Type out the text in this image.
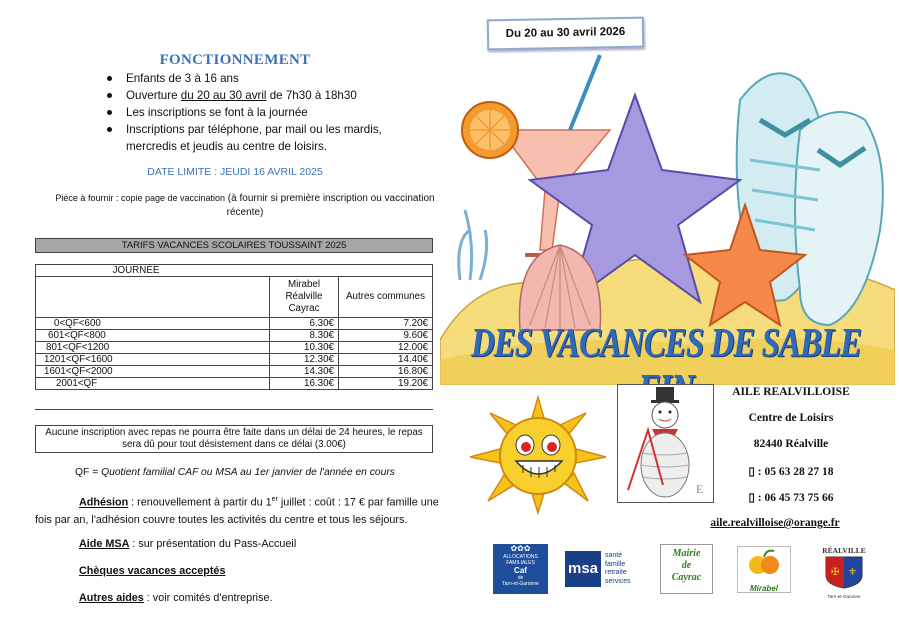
FONCTIONNEMENT
Enfants de 3 à 16 ans
Ouverture du 20 au 30 avril de 7h30 à 18h30
Les inscriptions se font à la journée
Inscriptions par téléphone, par mail ou les mardis, mercredis et jeudis au centre de loisirs.
DATE LIMITE : JEUDI 16 AVRIL 2025
Pièce à fournir : copie page de vaccination (à fournir si première inscription ou vaccination récente)
TARIFS VACANCES SCOLAIRES TOUSSAINT 2025
JOURNÉE		
	Mirabel Réalville Cayrac	Autres communes
0<QF<600	6.30€	7.20€
601<QF<800	8.30€	9.60€
801<QF<1200	10.30€	12.00€
1201<QF<1600	12.30€	14.40€
1601<QF<2000	14.30€	16.80€
2001<QF	16.30€	19.20€
Aucune inscription avec repas ne pourra être faite dans un délai de 24 heures, le repas sera dû pour tout désistement dans ce délai (3.00€)
QF = Quotient familial CAF ou MSA au 1er janvier de l'année en cours
Adhésion : renouvellement à partir du 1er juillet : coût : 17 € par famille une fois par an, l'adhésion couvre toutes les activités du centre et tous les séjours.
Aide MSA : sur présentation du Pass-Accueil
Chèques vacances acceptés
Autres aides : voir comités d'entreprise.
Du 20 au 30 avril 2026
DES VACANCES DE SABLE
E
AILE REALVILLOISE
Centre de Loisirs
82440 Réalville
▯ : 05 63 28 27 18
▯ : 06 45 73 75 66
aile.realvilloise@orange.fr
✿✿✿
ALLOCATIONS
FAMILIALES
Caf
de
Tarn-et-Garonne
msa
santé
famille
retraite
services
Mairie
de
Cayrac
Mirabel
RÉALVILLE
✠ ⚜
Tarn-et-Garonne
